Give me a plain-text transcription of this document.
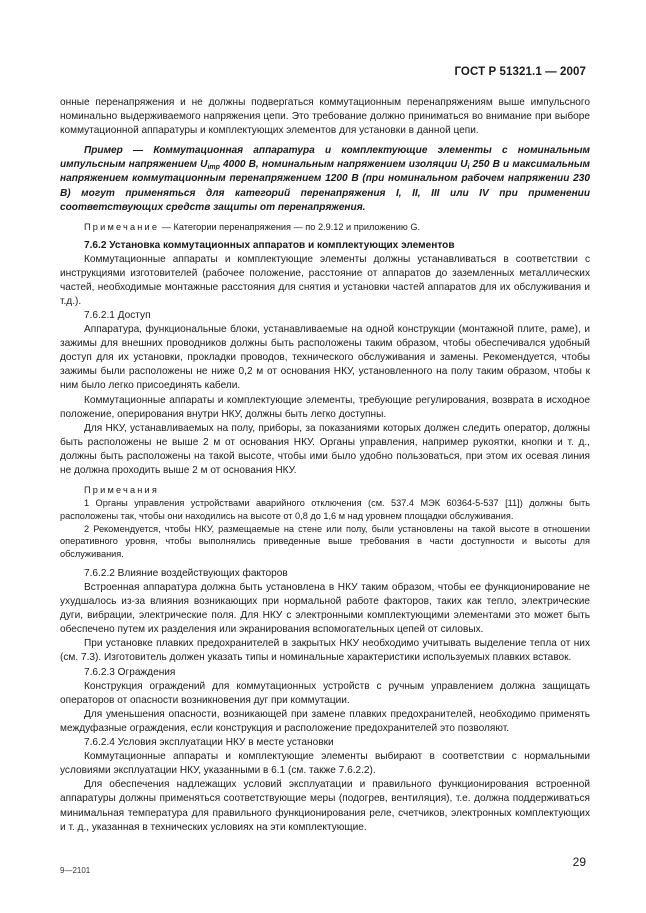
ГОСТ Р 51321.1 — 2007

онные перенапряжения и не должны подвергаться коммутационным перенапряжениям выше импульсного номинально выдерживаемого напряжения цепи. Это требование должно приниматься во внимание при выборе коммутационной аппаратуры и комплектующих элементов для установки в данной цепи.

Пример — Коммутационная аппаратура и комплектующие элементы с номинальным импульсным напряжением $U_{imp}$ 4000 В, номинальным напряжением изоляции $U_i$ 250 В и максимальным напряжением коммутационным перенапряжением 1200 В (при номинальном рабочем напряжении 230 В) могут применяться для категорий перенапряжения I, II, III или IV при применении соответствующих средств защиты от перенапряжения.

Примечание — Категории перенапряжения — по 2.9.12 и приложению G.

7.6.2 Установка коммутационных аппаратов и комплектующих элементов

Коммутационные аппараты и комплектующие элементы должны устанавливаться в соответствии с инструкциями изготовителей (рабочее положение, расстояние от аппаратов до заземленных металлических частей, необходимые монтажные расстояния для снятия и установки частей аппаратов для их обслуживания и т.д.).

7.6.2.1 Доступ

Аппаратура, функциональные блоки, устанавливаемые на одной конструкции (монтажной плите, раме), и зажимы для внешних проводников должны быть расположены таким образом, чтобы обеспечивался удобный доступ для их установки, прокладки проводов, технического обслуживания и замены. Рекомендуется, чтобы зажимы были расположены не ниже 0,2 м от основания НКУ, установленного на полу таким образом, чтобы к ним было легко присоединять кабели.

Коммутационные аппараты и комплектующие элементы, требующие регулирования, возврата в исходное положение, оперирования внутри НКУ, должны быть легко доступны.

Для НКУ, устанавливаемых на полу, приборы, за показаниями которых должен следить оператор, должны быть расположены не выше 2 м от основания НКУ. Органы управления, например рукоятки, кнопки и т. д., должны быть расположены на такой высоте, чтобы ими было удобно пользоваться, при этом их осевая линия не должна проходить выше 2 м от основания НКУ.

Примечания

1 Органы управления устройствами аварийного отключения (см. 537.4 МЭК 60364-5-537 [11]) должны быть расположены так, чтобы они находились на высоте от 0,8 до 1,6 м над уровнем площадки обслуживания.

2 Рекомендуется, чтобы НКУ, размещаемые на стене или полу, были установлены на такой высоте в отношении оперативного уровня, чтобы выполнялись приведенные выше требования в части доступности и высоты для обслуживания.

7.6.2.2 Влияние воздействующих факторов

Встроенная аппаратура должна быть установлена в НКУ таким образом, чтобы ее функционирование не ухудшалось из-за влияния возникающих при нормальной работе факторов, таких как тепло, электрические дуги, вибрации, электрические поля. Для НКУ с электронными комплектующими элементами это может быть обеспечено путем их разделения или экранирования вспомогательных цепей от силовых.

При установке плавких предохранителей в закрытых НКУ необходимо учитывать выделение тепла от них (см. 7.3). Изготовитель должен указать типы и номинальные характеристики используемых плавких вставок.

7.6.2.3 Ограждения

Конструкция ограждений для коммутационных устройств с ручным управлением должна защищать операторов от опасности возникновения дуг при коммутации.

Для уменьшения опасности, возникающей при замене плавких предохранителей, необходимо применять междуфазные ограждения, если конструкция и расположение предохранителей это позволяют.

7.6.2.4 Условия эксплуатации НКУ в месте установки

Коммутационные аппараты и комплектующие элементы выбирают в соответствии с нормальными условиями эксплуатации НКУ, указанными в 6.1 (см. также 7.6.2.2).

Для обеспечения надлежащих условий эксплуатации и правильного функционирования встроенной аппаратуры должны применяться соответствующие меры (подогрев, вентиляция), т.е. должна поддерживаться минимальная температура для правильного функционирования реле, счетчиков, электронных комплектующих и т. д., указанная в технических условиях на эти комплектующие.

9—2101
29
